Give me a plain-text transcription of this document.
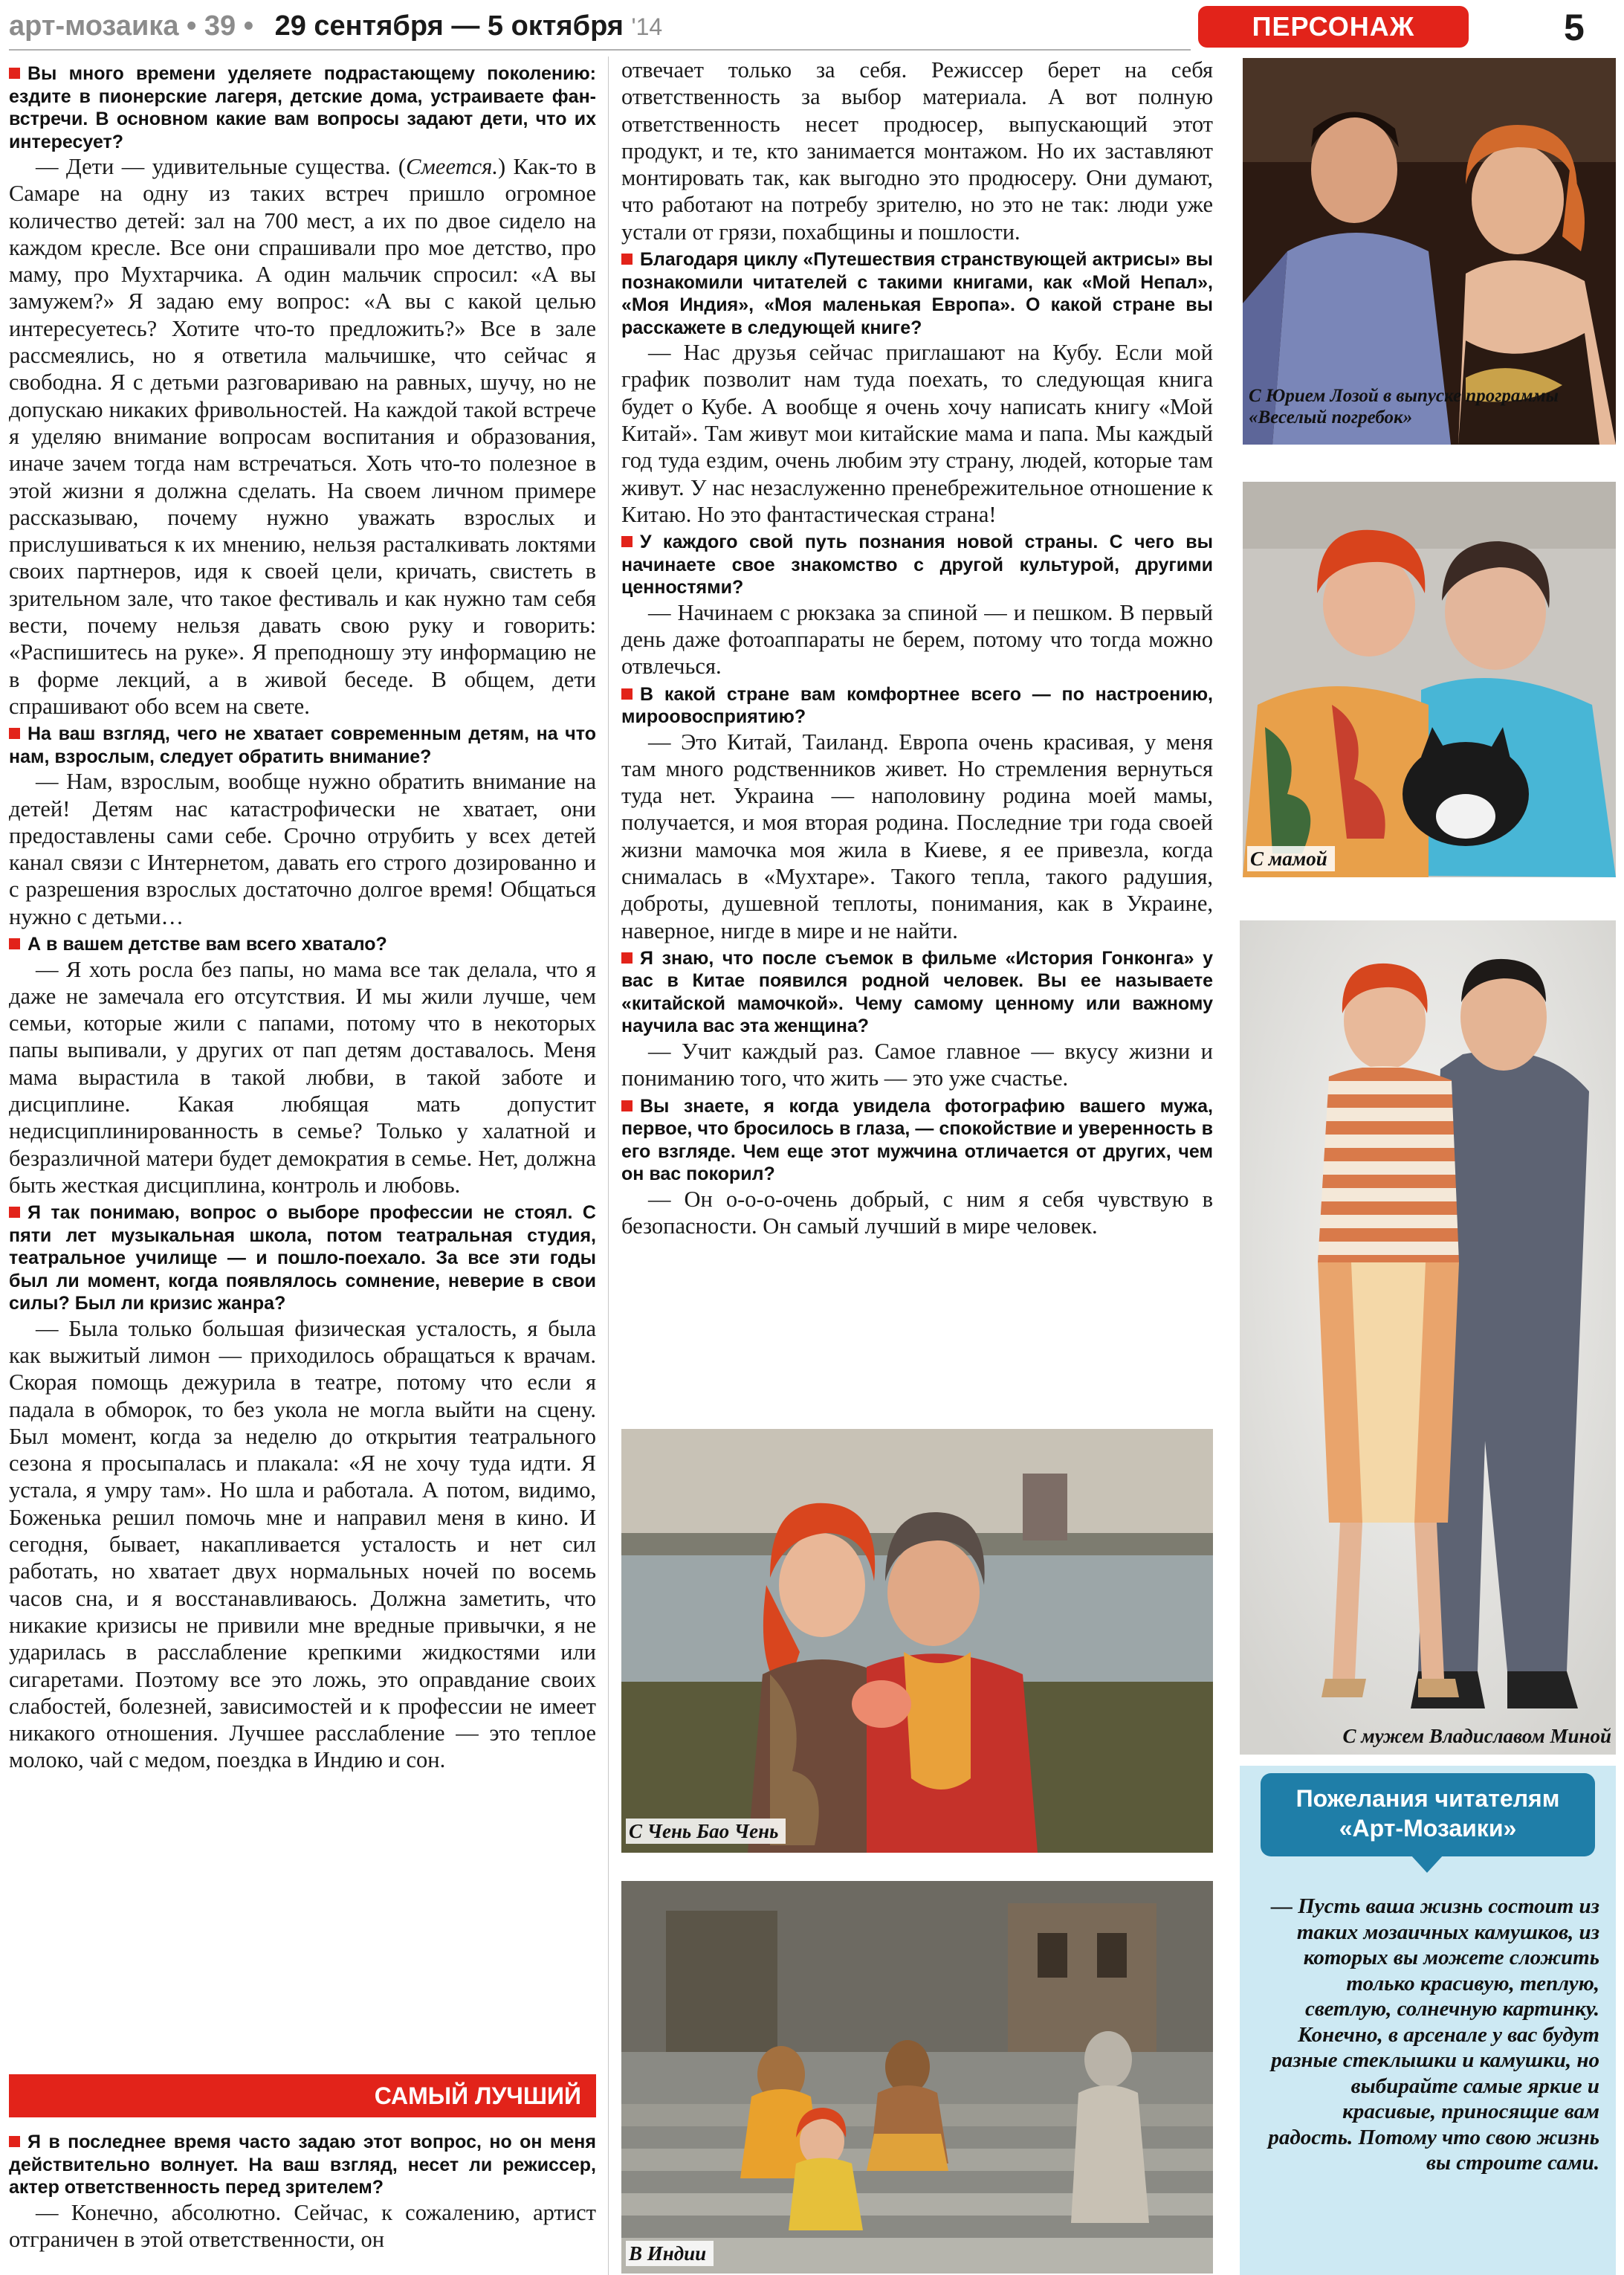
арт-мозаика • 39 • 29 сентября — 5 октября '14	ПЕРСОНАЖ	5

Вы много времени уделяете подрастающему поколению: ездите в пионерские лагеря, детские дома, устраиваете фан-встречи. В основном какие вам вопросы задают дети, что их интересует?

— Дети — удивительные существа. (Смеется.) Как-то в Самаре на одну из таких встреч пришло огромное количество детей: зал на 700 мест, а их по двое сидело на каждом кресле. Все они спрашивали про мое детство, про маму, про Мухтарчика. А один мальчик спросил: «А вы замужем?» Я задаю ему вопрос: «А вы с какой целью интересуетесь? Хотите что-то предложить?» Все в зале рассмеялись, но я ответила мальчишке, что сейчас я свободна. Я с детьми разговариваю на равных, шучу, но не допускаю никаких фривольностей. На каждой такой встрече я уделяю внимание вопросам воспитания и образования, иначе зачем тогда нам встречаться. Хоть что-то полезное в этой жизни я должна сделать. На своем личном примере рассказываю, почему нужно уважать взрослых и прислушиваться к их мнению, нельзя расталкивать локтями своих партнеров, идя к своей цели, кричать, свистеть в зрительном зале, что такое фестиваль и как нужно там себя вести, почему нельзя давать свою руку и говорить: «Распишитесь на руке». Я преподношу эту информацию не в форме лекций, а в живой беседе. В общем, дети спрашивают обо всем на свете.

На ваш взгляд, чего не хватает современным детям, на что нам, взрослым, следует обратить внимание?

— Нам, взрослым, вообще нужно обратить внимание на детей! Детям нас катастрофически не хватает, они предоставлены сами себе. Срочно отрубить у всех детей канал связи с Интернетом, давать его строго дозированно и с разрешения взрослых достаточно долгое время! Общаться нужно с детьми…

А в вашем детстве вам всего хватало?

— Я хоть росла без папы, но мама все так делала, что я даже не замечала его отсутствия. И мы жили лучше, чем семьи, которые жили с папами, потому что в некоторых папы выпивали, у других от пап детям доставалось. Меня мама вырастила в такой любви, в такой заботе и дисциплине. Какая любящая мать допустит недисциплинированность в семье? Только у халатной и безразличной матери будет демократия в семье. Нет, должна быть жесткая дисциплина, контроль и любовь.

Я так понимаю, вопрос о выборе профессии не стоял. С пяти лет музыкальная школа, потом театральная студия, театральное училище — и пошло-поехало. За все эти годы был ли момент, когда появлялось сомнение, неверие в свои силы? Был ли кризис жанра?

— Была только большая физическая усталость, я была как выжитый лимон — приходилось обращаться к врачам. Скорая помощь дежурила в театре, потому что если я падала в обморок, то без укола не могла выйти на сцену. Был момент, когда за неделю до открытия театрального сезона я просыпалась и плакала: «Я не хочу туда идти. Я устала, я умру там». Но шла и работала. А потом, видимо, Боженька решил помочь мне и направил меня в кино. И сегодня, бывает, накапливается усталость и нет сил работать, но хватает двух нормальных ночей по восемь часов сна, и я восстанавливаюсь. Должна заметить, что никакие кризисы не привили мне вредные привычки, я не ударилась в расслабление крепкими жидкостями или сигаретами. Поэтому все это ложь, это оправдание своих слабостей, болезней, зависимостей и к профессии не имеет никакого отношения. Лучшее расслабление — это теплое молоко, чай с медом, поездка в Индию и сон.

САМЫЙ ЛУЧШИЙ

Я в последнее время часто задаю этот вопрос, но он меня действительно волнует. На ваш взгляд, несет ли режиссер, актер ответственность перед зрителем?

— Конечно, абсолютно. Сейчас, к сожалению, артист отграничен в этой ответственности, он

отвечает только за себя. Режиссер берет на себя ответственность за выбор материала. А вот полную ответственность несет продюсер, выпускающий этот продукт, и те, кто занимается монтажом. Но их заставляют монтировать так, как выгодно это продюсеру. Они думают, что работают на потребу зрителю, но это не так: люди уже устали от грязи, похабщины и пошлости.

Благодаря циклу «Путешествия странствующей актрисы» вы познакомили читателей с такими книгами, как «Мой Непал», «Моя Индия», «Моя маленькая Европа». О какой стране вы расскажете в следующей книге?

— Нас друзья сейчас приглашают на Кубу. Если мой график позволит нам туда поехать, то следующая книга будет о Кубе. А вообще я очень хочу написать книгу «Мой Китай». Там живут мои китайские мама и папа. Мы каждый год туда ездим, очень любим эту страну, людей, которые там живут. У нас незаслуженно пренебрежительное отношение к Китаю. Но это фантастическая страна!

У каждого свой путь познания новой страны. С чего вы начинаете свое знакомство с другой культурой, другими ценностями?

— Начинаем с рюкзака за спиной — и пешком. В первый день даже фотоаппараты не берем, потому что тогда можно отвлечься.

В какой стране вам комфортнее всего — по настроению, мироовосприятию?

— Это Китай, Таиланд. Европа очень красивая, у меня там много родственников живет. Но стремления вернуться туда нет. Украина — наполовину родина моей мамы, получается, и моя вторая родина. Последние три года своей жизни мамочка моя жила в Киеве, я ее привезла, когда снималась в «Мухтаре». Такого тепла, такого радушия, доброты, душевной теплоты, понимания, как в Украине, наверное, нигде в мире и не найти.

Я знаю, что после съемок в фильме «История Гонконга» у вас в Китае появился родной человек. Вы ее называете «китайской мамочкой». Чему самому ценному или важному научила вас эта женщина?

— Учит каждый раз. Самое главное — вкусу жизни и пониманию того, что жить — это уже счастье.

Вы знаете, я когда увидела фотографию вашего мужа, первое, что бросилось в глаза, — спокойствие и уверенность в его взгляде. Чем еще этот мужчина отличается от других, чем он вас покорил?

— Он о-о-о-очень добрый, с ним я себя чувствую в безопасности. Он самый лучший в мире человек.

С Юрием Лозой в выпуске программы «Веселый погребок»
С мамой
С мужем Владиславом Миной
С Чень Бао Чень
В Индии
Пожелания читателям
«Арт-Мозаики»
— Пусть ваша жизнь состоит из таких мозаичных камушков, из которых вы можете сложить только красивую, теплую, светлую, солнечную картинку. Конечно, в арсенале у вас будут разные стеклышки и камушки, но выбирайте самые яркие и красивые, приносящие вам радость. Потому что свою жизнь вы строите сами.
